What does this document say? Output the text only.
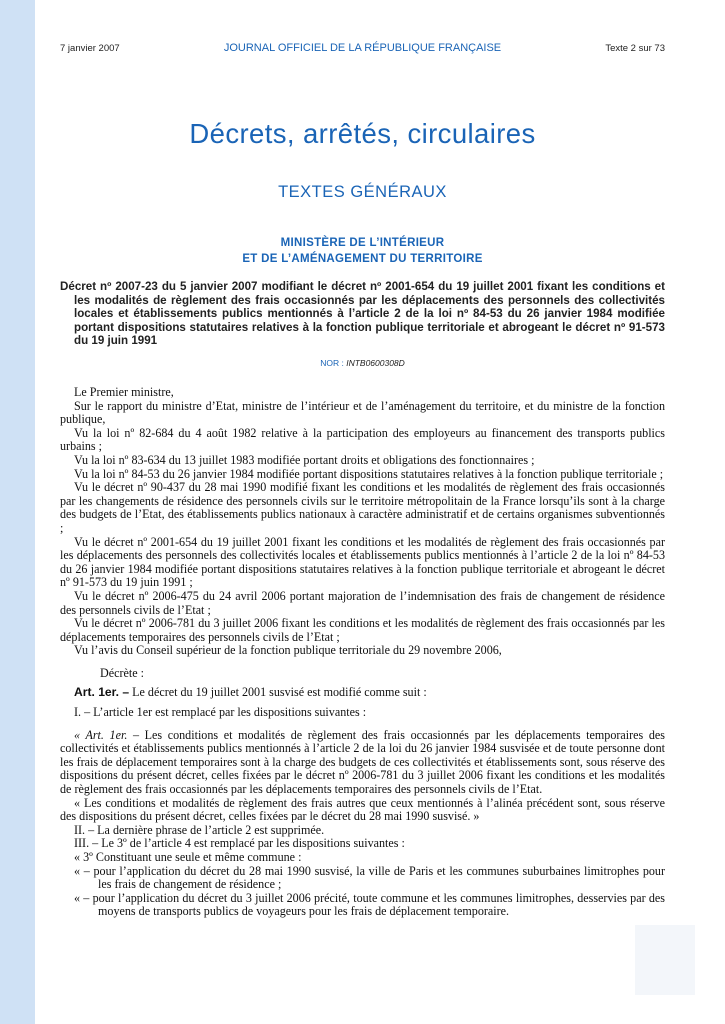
7 janvier 2007	JOURNAL OFFICIEL DE LA RÉPUBLIQUE FRANÇAISE	Texte 2 sur 73
Décrets, arrêtés, circulaires
TEXTES GÉNÉRAUX
MINISTÈRE DE L’INTÉRIEUR
ET DE L’AMÉNAGEMENT DU TERRITOIRE
Décret nº 2007-23 du 5 janvier 2007 modifiant le décret nº 2001-654 du 19 juillet 2001 fixant les conditions et les modalités de règlement des frais occasionnés par les déplacements des personnels des collectivités locales et établissements publics mentionnés à l’article 2 de la loi nº 84-53 du 26 janvier 1984 modifiée portant dispositions statutaires relatives à la fonction publique territoriale et abrogeant le décret nº 91-573 du 19 juin 1991
NOR : INTB0600308D

Le Premier ministre,

Sur le rapport du ministre d’Etat, ministre de l’intérieur et de l’aménagement du territoire, et du ministre de la fonction publique,

Vu la loi nº 82-684 du 4 août 1982 relative à la participation des employeurs au financement des transports publics urbains ;

Vu la loi nº 83-634 du 13 juillet 1983 modifiée portant droits et obligations des fonctionnaires ;

Vu la loi nº 84-53 du 26 janvier 1984 modifiée portant dispositions statutaires relatives à la fonction publique territoriale ;

Vu le décret nº 90-437 du 28 mai 1990 modifié fixant les conditions et les modalités de règlement des frais occasionnés par les changements de résidence des personnels civils sur le territoire métropolitain de la France lorsqu’ils sont à la charge des budgets de l’Etat, des établissements publics nationaux à caractère administratif et de certains organismes subventionnés ;

Vu le décret nº 2001-654 du 19 juillet 2001 fixant les conditions et les modalités de règlement des frais occasionnés par les déplacements des personnels des collectivités locales et établissements publics mentionnés à l’article 2 de la loi nº 84-53 du 26 janvier 1984 modifiée portant dispositions statutaires relatives à la fonction publique territoriale et abrogeant le décret nº 91-573 du 19 juin 1991 ;

Vu le décret nº 2006-475 du 24 avril 2006 portant majoration de l’indemnisation des frais de changement de résidence des personnels civils de l’Etat ;

Vu le décret nº 2006-781 du 3 juillet 2006 fixant les conditions et les modalités de règlement des frais occasionnés par les déplacements temporaires des personnels civils de l’Etat ;

Vu l’avis du Conseil supérieur de la fonction publique territoriale du 29 novembre 2006,

Décrète :

Art. 1er. – Le décret du 19 juillet 2001 susvisé est modifié comme suit :

I. – L’article 1er est remplacé par les dispositions suivantes :

« Art. 1er. – Les conditions et modalités de règlement des frais occasionnés par les déplacements temporaires des collectivités et établissements publics mentionnés à l’article 2 de la loi du 26 janvier 1984 susvisée et de toute personne dont les frais de déplacement temporaires sont à la charge des budgets de ces collectivités et établissements sont, sous réserve des dispositions du présent décret, celles fixées par le décret nº 2006-781 du 3 juillet 2006 fixant les conditions et les modalités de règlement des frais occasionnés par les déplacements temporaires des personnels civils de l’Etat.

« Les conditions et modalités de règlement des frais autres que ceux mentionnés à l’alinéa précédent sont, sous réserve des dispositions du présent décret, celles fixées par le décret du 28 mai 1990 susvisé. »

II. – La dernière phrase de l’article 2 est supprimée.

III. – Le 3º de l’article 4 est remplacé par les dispositions suivantes :

« 3º Constituant une seule et même commune :

« – pour l’application du décret du 28 mai 1990 susvisé, la ville de Paris et les communes suburbaines limitrophes pour les frais de changement de résidence ;

« – pour l’application du décret du 3 juillet 2006 précité, toute commune et les communes limitrophes, desservies par des moyens de transports publics de voyageurs pour les frais de déplacement temporaire.
